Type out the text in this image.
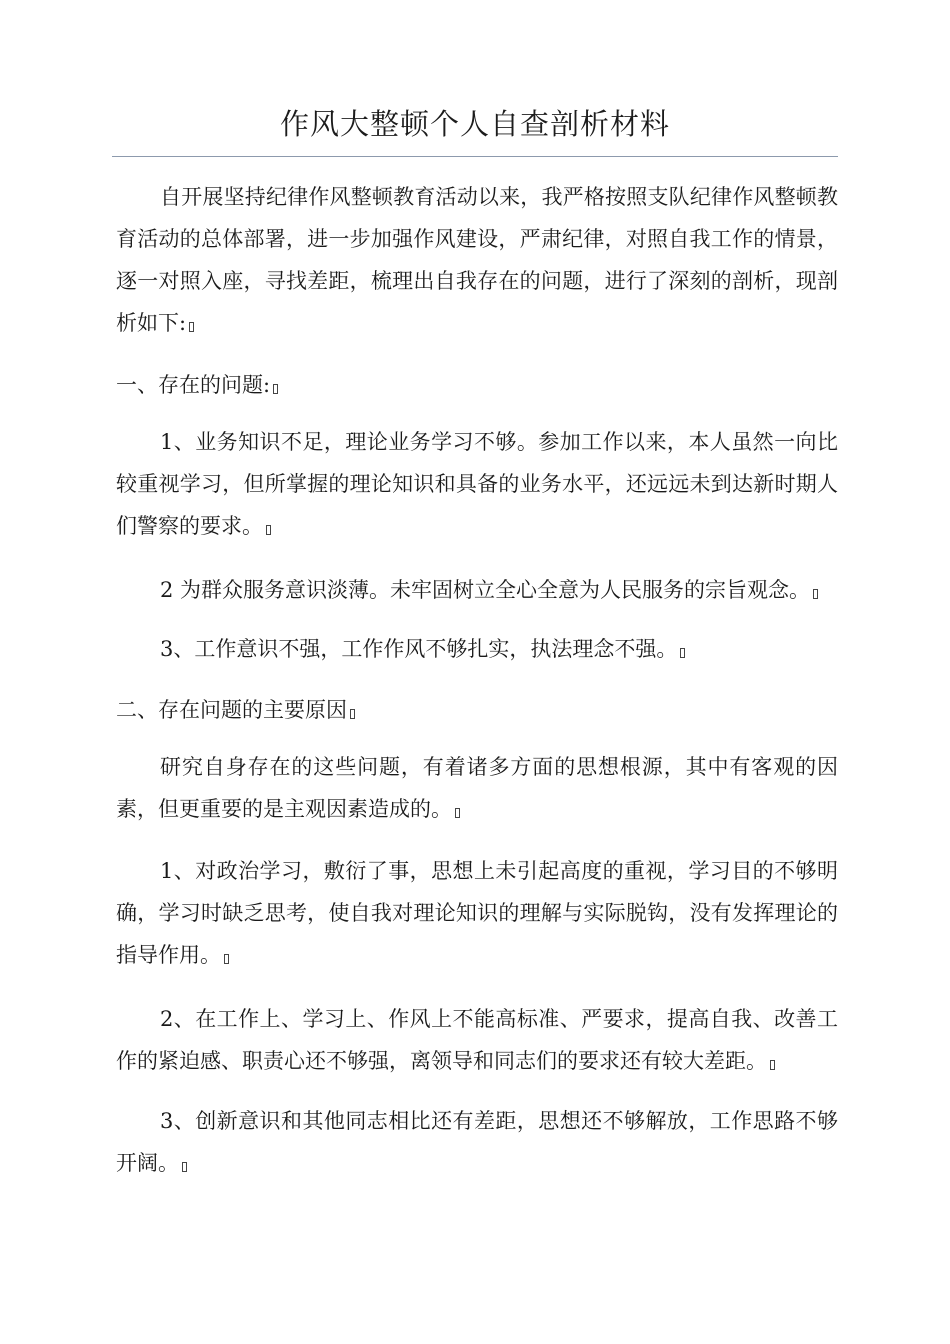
作风大整顿个人自查剖析材料

自开展坚持纪律作风整顿教育活动以来，我严格按照支队纪律作风整顿教育活动的总体部署，进一步加强作风建设，严肃纪律，对照自我工作的情景，逐一对照入座，寻找差距，梳理出自我存在的问题，进行了深刻的剖析，现剖析如下:

一、存在的问题:

1、业务知识不足，理论业务学习不够。参加工作以来，本人虽然一向比较重视学习，但所掌握的理论知识和具备的业务水平，还远远未到达新时期人们警察的要求。

2 为群众服务意识淡薄。未牢固树立全心全意为人民服务的宗旨观念。

3、工作意识不强，工作作风不够扎实，执法理念不强。

二、存在问题的主要原因

研究自身存在的这些问题，有着诸多方面的思想根源，其中有客观的因素，但更重要的是主观因素造成的。

1、对政治学习，敷衍了事，思想上未引起高度的重视，学习目的不够明确，学习时缺乏思考，使自我对理论知识的理解与实际脱钩，没有发挥理论的指导作用。

2、在工作上、学习上、作风上不能高标准、严要求，提高自我、改善工作的紧迫感、职责心还不够强，离领导和同志们的要求还有较大差距。

3、创新意识和其他同志相比还有差距，思想还不够解放，工作思路不够开阔。
